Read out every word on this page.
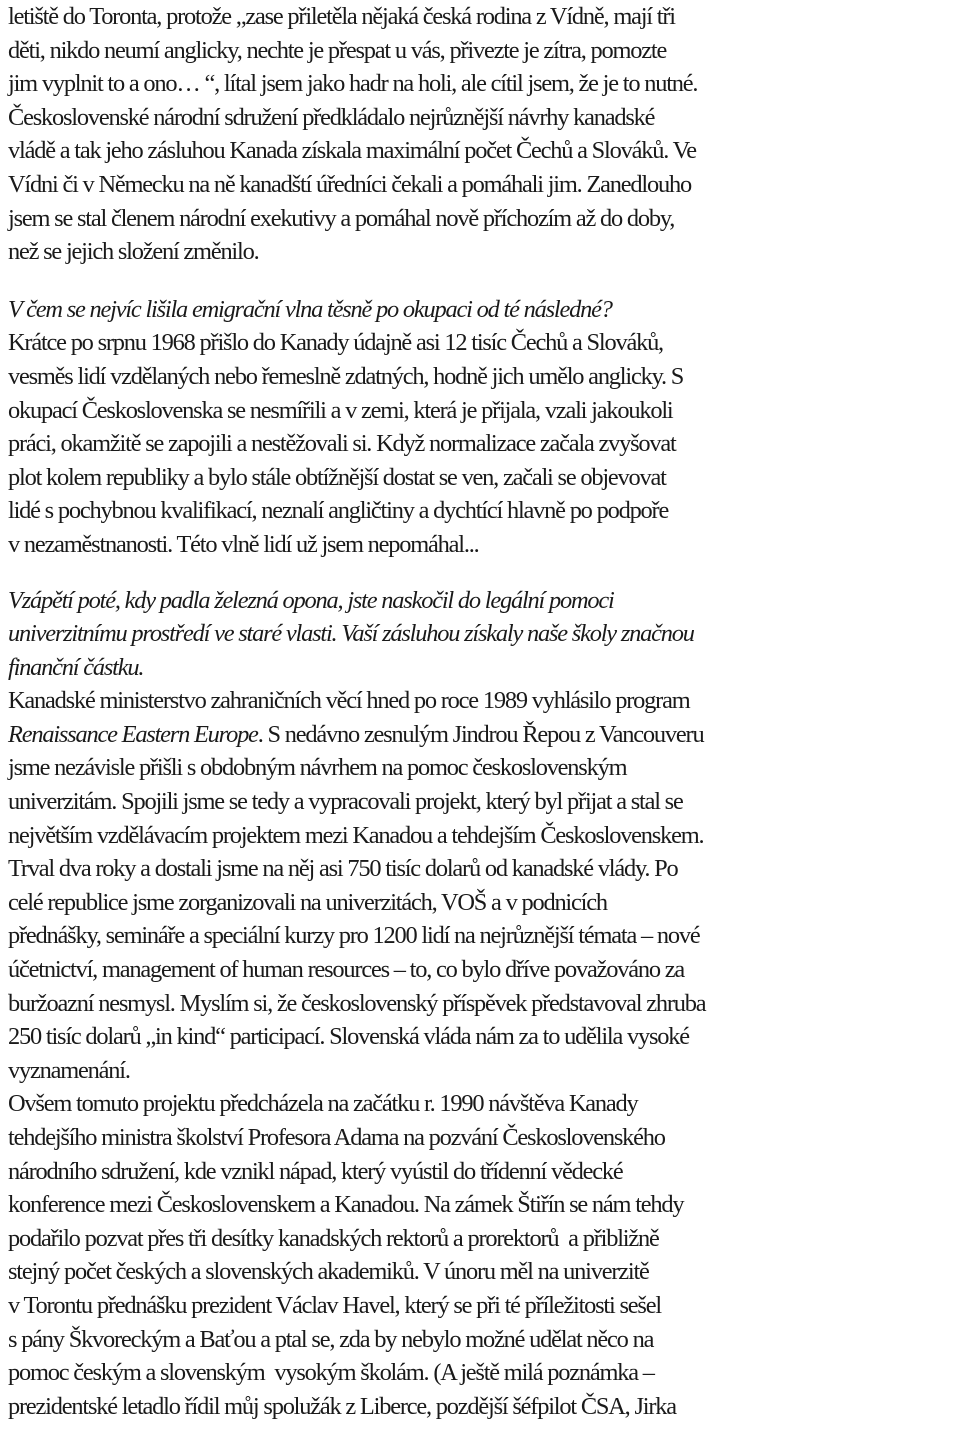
letiště do Toronta, protože „zase přiletěla nějaká česká rodina z Vídně, mají tři
děti, nikdo neumí anglicky, nechte je přespat u vás, přivezte je zítra, pomozte
jim vyplnit to a ono… “, lítal jsem jako hadr na holi, ale cítil jsem, že je to nutné.
Československé národní sdružení předkládalo nejrůznější návrhy kanadské
vládě a tak jeho zásluhou Kanada získala maximální počet Čechů a Slováků. Ve
Vídni či v Německu na ně kanadští úředníci čekali a pomáhali jim. Zanedlouho
jsem se stal členem národní exekutivy a pomáhal nově příchozím až do doby,
než se jejich složení změnilo.
V čem se nejvíc lišila emigrační vlna těsně po okupaci od té následné?
Krátce po srpnu 1968 přišlo do Kanady údajně asi 12 tisíc Čechů a Slováků,
vesměs lidí vzdělaných nebo řemeslně zdatných, hodně jich umělo anglicky. S
okupací Československa se nesmířili a v zemi, která je přijala, vzali jakoukoli
práci, okamžitě se zapojili a nestěžovali si. Když normalizace začala zvyšovat
plot kolem republiky a bylo stále obtížnější dostat se ven, začali se objevovat
lidé s pochybnou kvalifikací, neznalí angličtiny a dychtící hlavně po podpoře
v nezaměstnanosti. Této vlně lidí už jsem nepomáhal...
Vzápětí poté, kdy padla železná opona, jste naskočil do legální pomoci
univerzitnímu prostředí ve staré vlasti. Vaší zásluhou získaly naše školy značnou
finanční částku.
Kanadské ministerstvo zahraničních věcí hned po roce 1989 vyhlásilo program
Renaissance Eastern Europe. S nedávno zesnulým Jindrou Řepou z Vancouveru
jsme nezávisle přišli s obdobným návrhem na pomoc československým
univerzitám. Spojili jsme se tedy a vypracovali projekt, který byl přijat a stal se
největším vzdělávacím projektem mezi Kanadou a tehdejším Československem.
Trval dva roky a dostali jsme na něj asi 750 tisíc dolarů od kanadské vlády. Po
celé republice jsme zorganizovali na univerzitách, VOŠ a v podnicích
přednášky, semináře a speciální kurzy pro 1200 lidí na nejrůznější témata – nové
účetnictví, management of human resources – to, co bylo dříve považováno za
buržoazní nesmysl. Myslím si, že československý příspěvek představoval zhruba
250 tisíc dolarů „in kind“ participací. Slovenská vláda nám za to udělila vysoké
vyznamenání.
Ovšem tomuto projektu předcházela na začátku r. 1990 návštěva Kanady
tehdejšího ministra školství Profesora Adama na pozvání Československého
národního sdružení, kde vznikl nápad, který vyústil do třídenní vědecké
konference mezi Československem a Kanadou. Na zámek Štiřín se nám tehdy
podařilo pozvat přes tři desítky kanadských rektorů a prorektorů  a přibližně
stejný počet českých a slovenských akademiků. V únoru měl na univerzitě
v Torontu přednášku prezident Václav Havel, který se při té příležitosti sešel
s pány Škvoreckým a Baťou a ptal se, zda by nebylo možné udělat něco na
pomoc českým a slovenským  vysokým školám. (A ještě milá poznámka –
prezidentské letadlo řídil můj spolužák z Liberce, pozdější šéfpilot ČSA, Jirka
